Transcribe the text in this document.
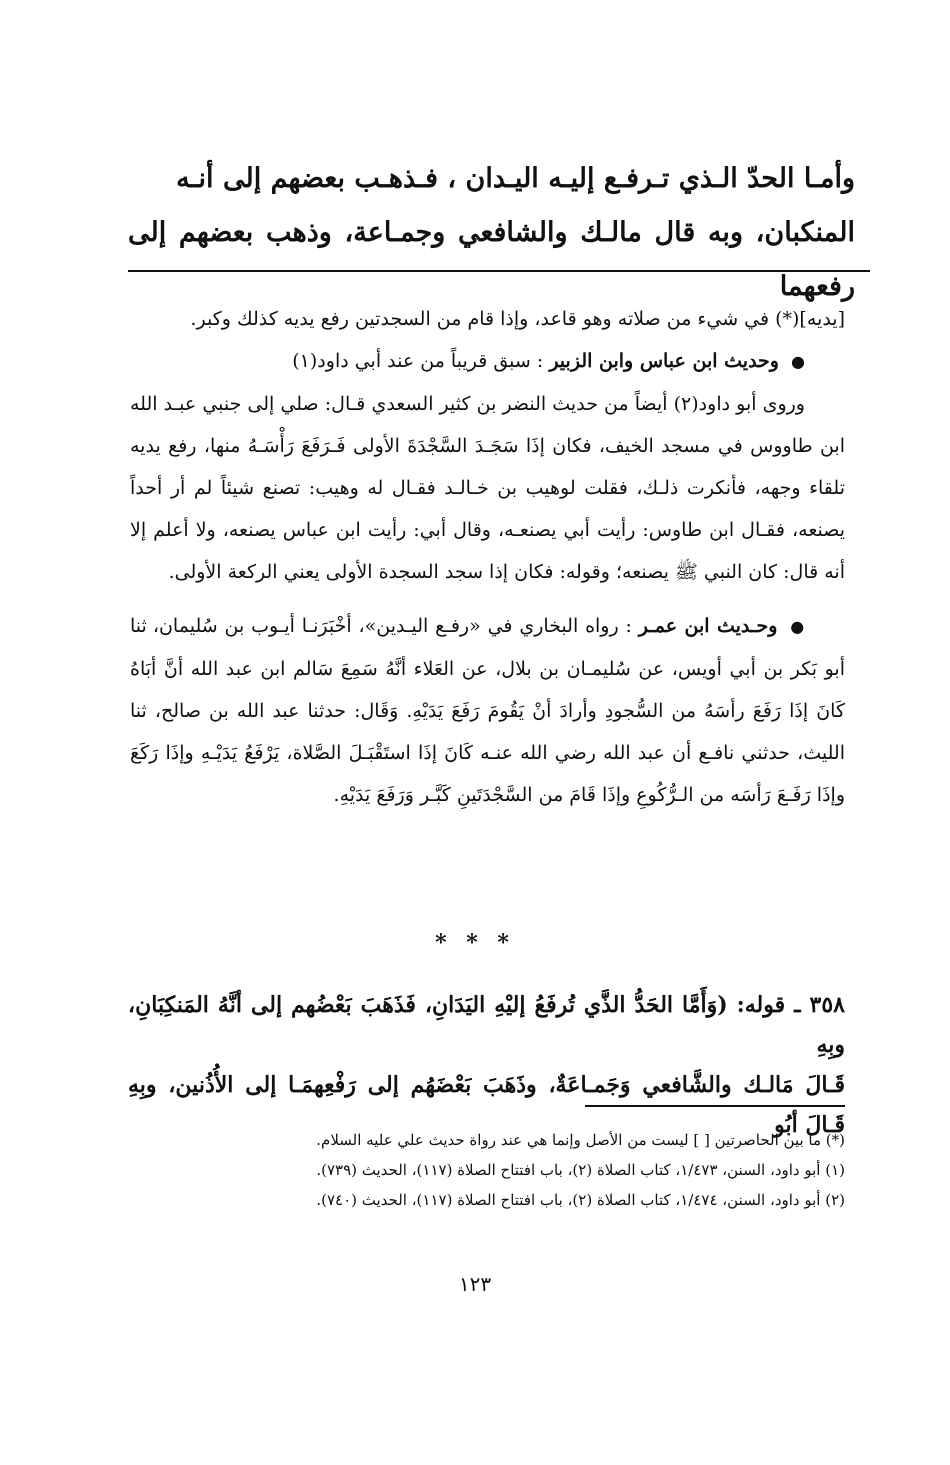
وأمـا الحدّ الـذي تـرفـع إليـه اليـدان ، فـذهـب بعضهم إلى أنـه
المنكبان، وبه قال مالـك والشافعي وجمـاعة، وذهب بعضهم إلى رفعهما

[يديه](*) في شيء من صلاته وهو قاعد، وإذا قام من السجدتين رفع يديه كذلك وكبر.

● وحديث ابن عباس وابن الزبير : سبق قريباً من عند أبي داود(١)

وروى أبو داود(٢) أيضاً من حديث النضر بن كثير السعدي قـال: صلي إلى جنبي عبـد الله ابن طاووس في مسجد الخيف، فكان إذَا سَجَـدَ السَّجْدَةَ الأولى فَـرَفَعَ رَأْسَـهُ منها، رفع يديه تلقاء وجهه، فأنكرت ذلـك، فقلت لوهيب بن خـالـد فقـال له وهيب: تصنع شيئاً لم أر أحداً يصنعه، فقـال ابن طاوس: رأيت أبي يصنعـه، وقال أبي: رأيت ابن عباس يصنعه، ولا أعلم إلا أنه قال: كان النبي ﷺ يصنعه؛ وقوله: فكان إذا سجد السجدة الأولى يعني الركعة الأولى.

● وحـديث ابن عمـر : رواه البخاري في «رفـع اليـدين»، أخْبَرَنـا أيـوب بن سُليمان، ثنا أبو بَكر بن أبي أويس، عن سُليمـان بن بلال، عن العَلاء أنَّهُ سَمِعَ سَالم ابن عبد الله أنَّ أبَاهُ كَانَ إذَا رَفَعَ رأسَهُ من السُّجودِ وأرادَ أنْ يَقُومَ رَفَعَ يَدَيْهِ. وَقَال: حدثنا عبد الله بن صالح، ثنا الليث، حدثني نافـع أن عبد الله رضي الله عنـه كَانَ إذَا استَقْبَـلَ الصَّلاة، يَرْفَعُ يَدَيْـهِ وإذَا رَكَعَ وإذَا رَفَـعَ رَأسَه من الـرُّكُوعِ وإذَا قَامَ من السَّجْدَتَينِ كَبَّـر وَرَفَعَ يَدَيْهِ.

* * *
٣٥٨ ـ قوله: (وَأَمَّا الحَدُّ الذَّي تُرفَعُ إليْهِ اليَدَانِ، فَذَهَبَ بَعْضُهم إلى أنَّهُ المَنكِبَانِ، وبِهِ
قَـالَ مَالـك والشَّافعي وَجَمـاعَةٌ، وذَهَبَ بَعْضَهُم إلى رَفْعِهمَـا إلى الأُذُنين، وبِهِ قَـالَ أبُو
(*) ما بين الحاصرتين [ ] ليست من الأصل وإنما هي عند رواة حديث علي عليه السلام.
(١) أبو داود، السنن، ١/٤٧٣، كتاب الصلاة (٢)، باب افتتاح الصلاة (١١٧)، الحديث (٧٣٩).
(٢) أبو داود، السنن، ١/٤٧٤، كتاب الصلاة (٢)، باب افتتاح الصلاة (١١٧)، الحديث (٧٤٠).
١٢٣
